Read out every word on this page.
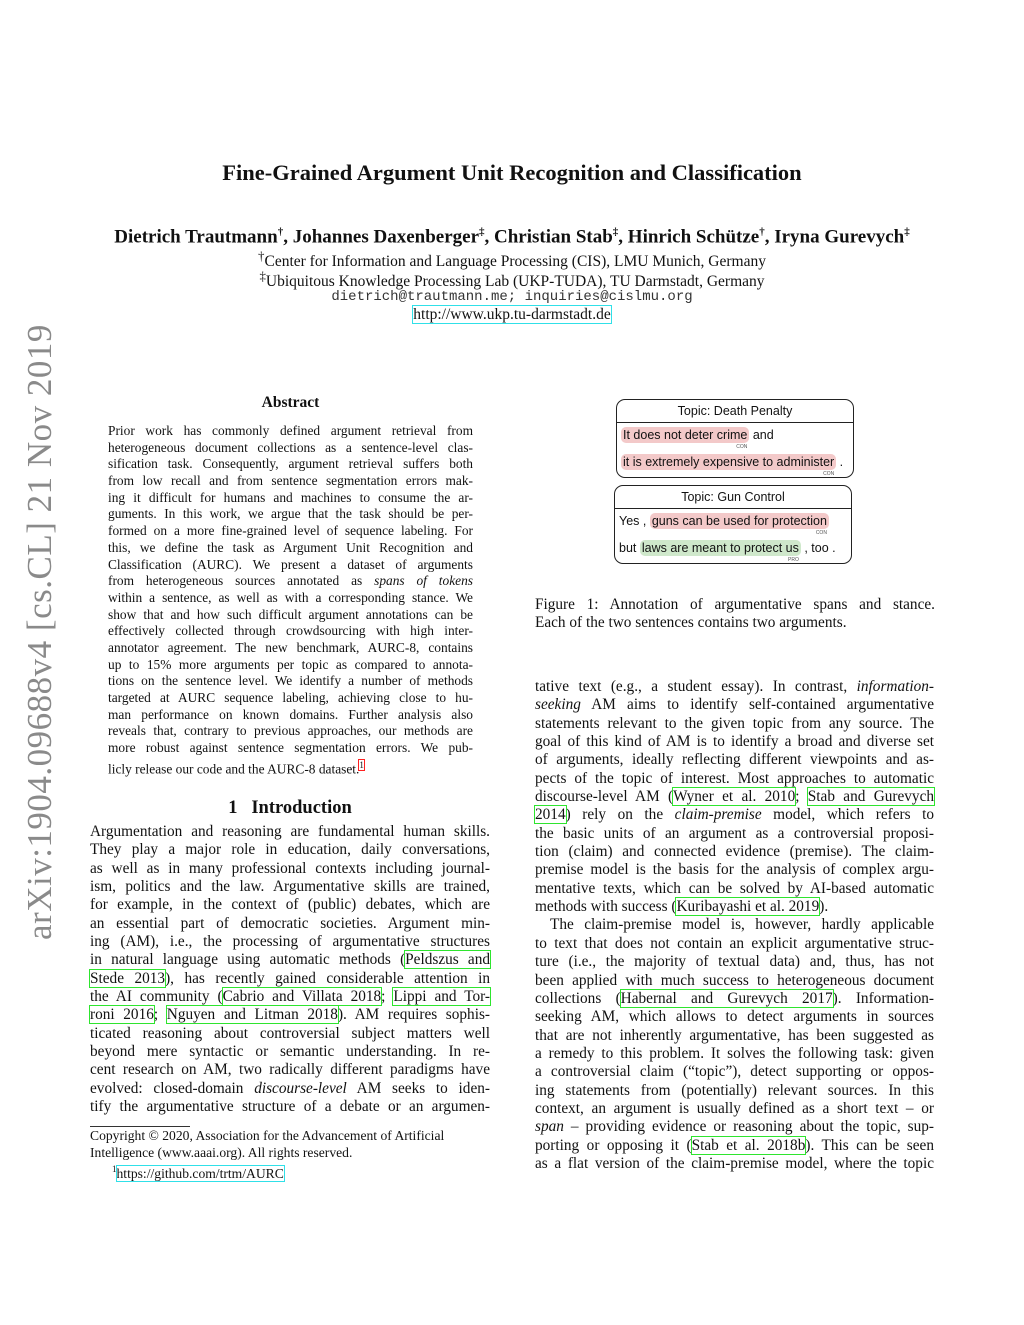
arXiv:1904.09688v4 [cs.CL] 21 Nov 2019
Fine-Grained Argument Unit Recognition and Classification
Dietrich Trautmann†, Johannes Daxenberger‡, Christian Stab‡, Hinrich Schütze†, Iryna Gurevych‡
†Center for Information and Language Processing (CIS), LMU Munich, Germany
‡Ubiquitous Knowledge Processing Lab (UKP-TUDA), TU Darmstadt, Germany
dietrich@trautmann.me; inquiries@cislmu.org
http://www.ukp.tu-darmstadt.de
Abstract
Prior work has commonly defined argument retrieval from
heterogeneous document collections as a sentence-level clas-
sification task. Consequently, argument retrieval suffers both
from low recall and from sentence segmentation errors mak-
ing it difficult for humans and machines to consume the ar-
guments. In this work, we argue that the task should be per-
formed on a more fine-grained level of sequence labeling. For
this, we define the task as Argument Unit Recognition and
Classification (AURC). We present a dataset of arguments
from heterogeneous sources annotated as spans of tokens
within a sentence, as well as with a corresponding stance. We
show that and how such difficult argument annotations can be
effectively collected through crowdsourcing with high inter-
annotator agreement. The new benchmark, AURC-8, contains
up to 15% more arguments per topic as compared to annota-
tions on the sentence level. We identify a number of methods
targeted at AURC sequence labeling, achieving close to hu-
man performance on known domains. Further analysis also
reveals that, contrary to previous approaches, our methods are
more robust against sentence segmentation errors. We pub-
licly release our code and the AURC-8 dataset.$^1$
1 Introduction
Argumentation and reasoning are fundamental human skills.
They play a major role in education, daily conversations,
as well as in many professional contexts including journal-
ism, politics and the law. Argumentative skills are trained,
for example, in the context of (public) debates, which are
an essential part of democratic societies. Argument min-
ing (AM), i.e., the processing of argumentative structures
in natural language using automatic methods (Peldszus and
Stede 2013), has recently gained considerable attention in
the AI community (Cabrio and Villata 2018; Lippi and Tor-
roni 2016; Nguyen and Litman 2018). AM requires sophis-
ticated reasoning about controversial subject matters well
beyond mere syntactic or semantic understanding. In re-
cent research on AM, two radically different paradigms have
evolved: closed-domain discourse-level AM seeks to iden-
tify the argumentative structure of a debate or an argumen-
Copyright © 2020, Association for the Advancement of Artificial
Intelligence (www.aaai.org). All rights reserved.
$^1$https://github.com/trtm/AURC
Topic: Death Penalty
It does not deter crime
CON
and
it is extremely expensive to administer
CON
.
Topic: Gun Control
Yes , guns can be used for protection
CON
but laws are meant to protect us
PRO
, too .
Figure 1: Annotation of argumentative spans and stance.
Each of the two sentences contains two arguments.
tative text (e.g., a student essay). In contrast, information-
seeking AM aims to identify self-contained argumentative
statements relevant to the given topic from any source. The
goal of this kind of AM is to identify a broad and diverse set
of arguments, ideally reflecting different viewpoints and as-
pects of the topic of interest. Most approaches to automatic
discourse-level AM (Wyner et al. 2010; Stab and Gurevych
2014) rely on the claim-premise model, which refers to
the basic units of an argument as a controversial proposi-
tion (claim) and connected evidence (premise). The claim-
premise model is the basis for the analysis of complex argu-
mentative texts, which can be solved by AI-based automatic
methods with success (Kuribayashi et al. 2019).
The claim-premise model is, however, hardly applicable
to text that does not contain an explicit argumentative struc-
ture (i.e., the majority of textual data) and, thus, has not
been applied with much success to heterogeneous document
collections (Habernal and Gurevych 2017). Information-
seeking AM, which allows to detect arguments in sources
that are not inherently argumentative, has been suggested as
a remedy to this problem. It solves the following task: given
a controversial claim (“topic”), detect supporting or oppos-
ing statements from (potentially) relevant sources. In this
context, an argument is usually defined as a short text – or
span – providing evidence or reasoning about the topic, sup-
porting or opposing it (Stab et al. 2018b). This can be seen
as a flat version of the claim-premise model, where the topic
